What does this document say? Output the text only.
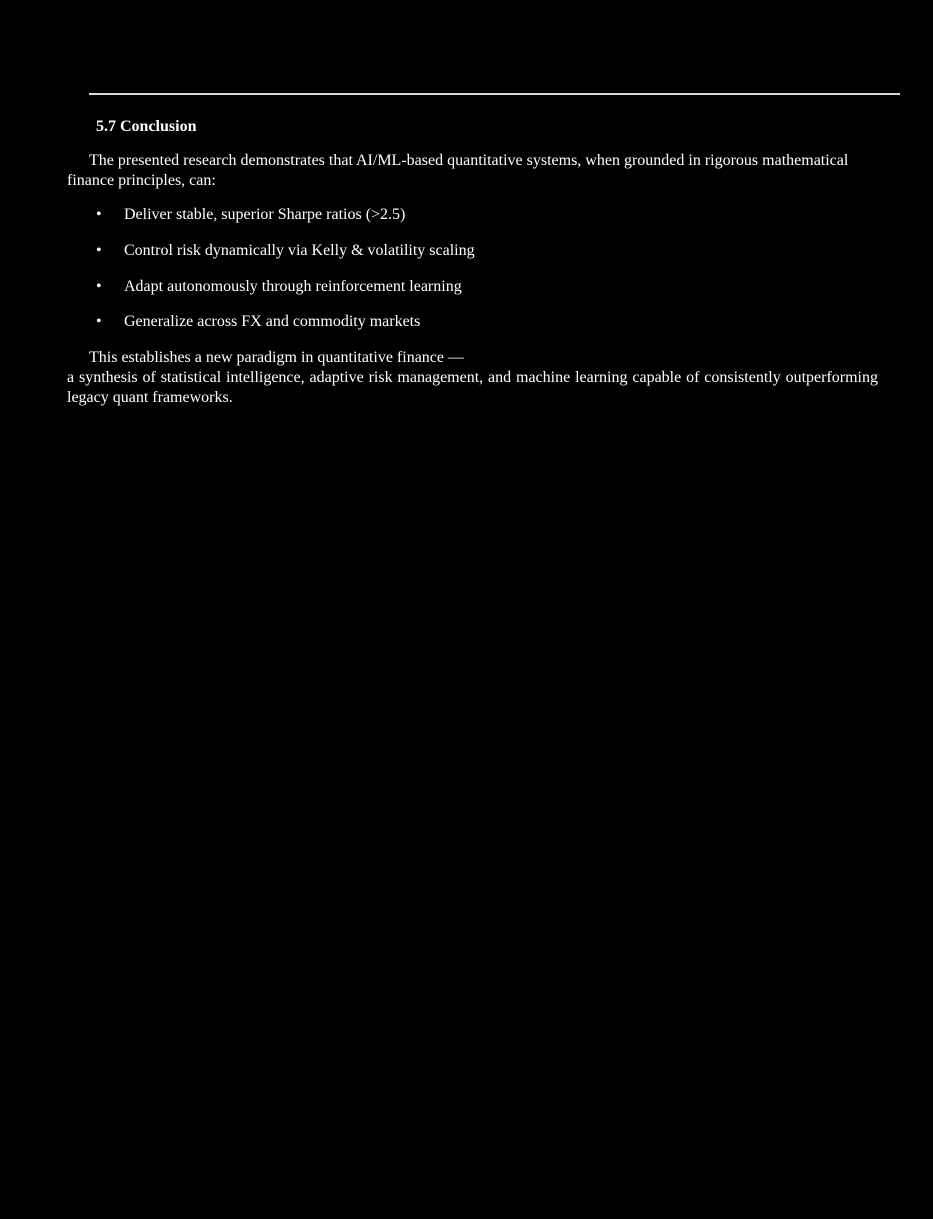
5.7 Conclusion

The presented research demonstrates that AI/ML-based quantitative systems, when grounded in rigorous mathematical finance principles, can:

• Deliver stable, superior Sharpe ratios (>2.5)
• Control risk dynamically via Kelly & volatility scaling
• Adapt autonomously through reinforcement learning
• Generalize across FX and commodity markets

This establishes a new paradigm in quantitative finance —
a synthesis of statistical intelligence, adaptive risk management, and machine learning capable of consistently outperforming legacy quant frameworks.
